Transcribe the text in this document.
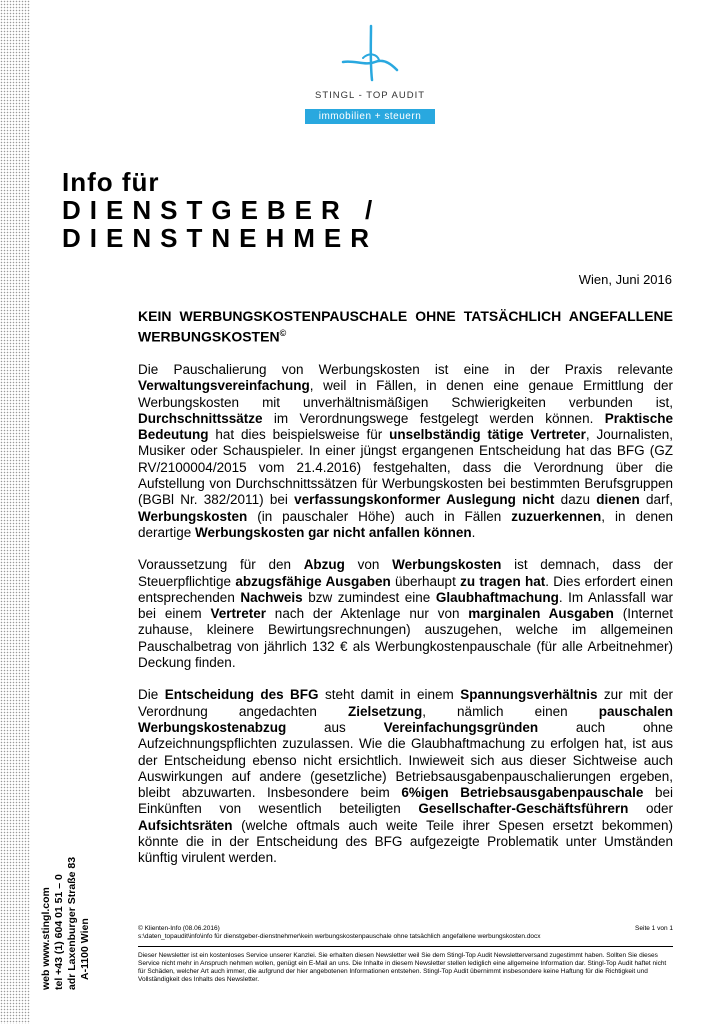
STINGL - TOP AUDIT
immobilien + steuern
Info für
DIENSTGEBER /
DIENSTNEHMER
Wien, Juni 2016
KEIN WERBUNGSKOSTENPAUSCHALE OHNE TATSÄCHLICH ANGEFALLENE WERBUNGSKOSTEN©

Die Pauschalierung von Werbungskosten ist eine in der Praxis relevante Verwaltungsvereinfachung, weil in Fällen, in denen eine genaue Ermittlung der Werbungskosten mit unverhältnismäßigen Schwierigkeiten verbunden ist, Durchschnittssätze im Verordnungswege festgelegt werden können. Praktische Bedeutung hat dies beispielsweise für unselbständig tätige Vertreter, Journalisten, Musiker oder Schauspieler. In einer jüngst ergangenen Entscheidung hat das BFG (GZ RV/2100004/2015 vom 21.4.2016) festgehalten, dass die Verordnung über die Aufstellung von Durchschnittssätzen für Werbungskosten bei bestimmten Berufsgruppen (BGBl Nr. 382/2011) bei verfassungskonformer Auslegung nicht dazu dienen darf, Werbungskosten (in pauschaler Höhe) auch in Fällen zuzuerkennen, in denen derartige Werbungskosten gar nicht anfallen können.

Voraussetzung für den Abzug von Werbungskosten ist demnach, dass der Steuerpflichtige abzugsfähige Ausgaben überhaupt zu tragen hat. Dies erfordert einen entsprechenden Nachweis bzw zumindest eine Glaubhaftmachung. Im Anlassfall war bei einem Vertreter nach der Aktenlage nur von marginalen Ausgaben (Internet zuhause, kleinere Bewirtungsrechnungen) auszugehen, welche im allgemeinen Pauschalbetrag von jährlich 132 € als Werbungkostenpauschale (für alle Arbeitnehmer) Deckung finden.

Die Entscheidung des BFG steht damit in einem Spannungsverhältnis zur mit der Verordnung angedachten Zielsetzung, nämlich einen pauschalen Werbungskostenabzug aus Vereinfachungsgründen auch ohne Aufzeichnungspflichten zuzulassen. Wie die Glaubhaftmachung zu erfolgen hat, ist aus der Entscheidung ebenso nicht ersichtlich. Inwieweit sich aus dieser Sichtweise auch Auswirkungen auf andere (gesetzliche) Betriebsausgabenpauschalierungen ergeben, bleibt abzuwarten. Insbesondere beim 6%igen Betriebsausgabenpauschale bei Einkünften von wesentlich beteiligten Gesellschafter-Geschäftsführern oder Aufsichtsräten (welche oftmals auch weite Teile ihrer Spesen ersetzt bekommen) könnte die in der Entscheidung des BFG aufgezeigte Problematik unter Umständen künftig virulent werden.

web www.stingl.com tel +43 (1) 604 01 51 – 0 adr Laxenburger Straße 83 A-1100 Wien	© Klienten-Info (08.06.2016)	Seite 1 von 1
s:\daten_topaudit\info\info für dienstgeber-dienstnehmer\kein werbungskostenpauschale ohne tatsächlich angefallene werbungskosten.docx
Dieser Newsletter ist ein kostenloses Service unserer Kanzlei. Sie erhalten diesen Newsletter weil Sie dem Stingl-Top Audit Newsletterversand zugestimmt haben. Sollten Sie dieses Service nicht mehr in Anspruch nehmen wollen, genügt ein E-Mail an uns. Die Inhalte in diesem Newsletter stellen lediglich eine allgemeine Information dar. Stingl-Top Audit haftet nicht für Schäden, welcher Art auch immer, die aufgrund der hier angebotenen Informationen entstehen. Stingl-Top Audit übernimmt insbesondere keine Haftung für die Richtigkeit und Vollständigkeit des Inhalts des Newsletter.
